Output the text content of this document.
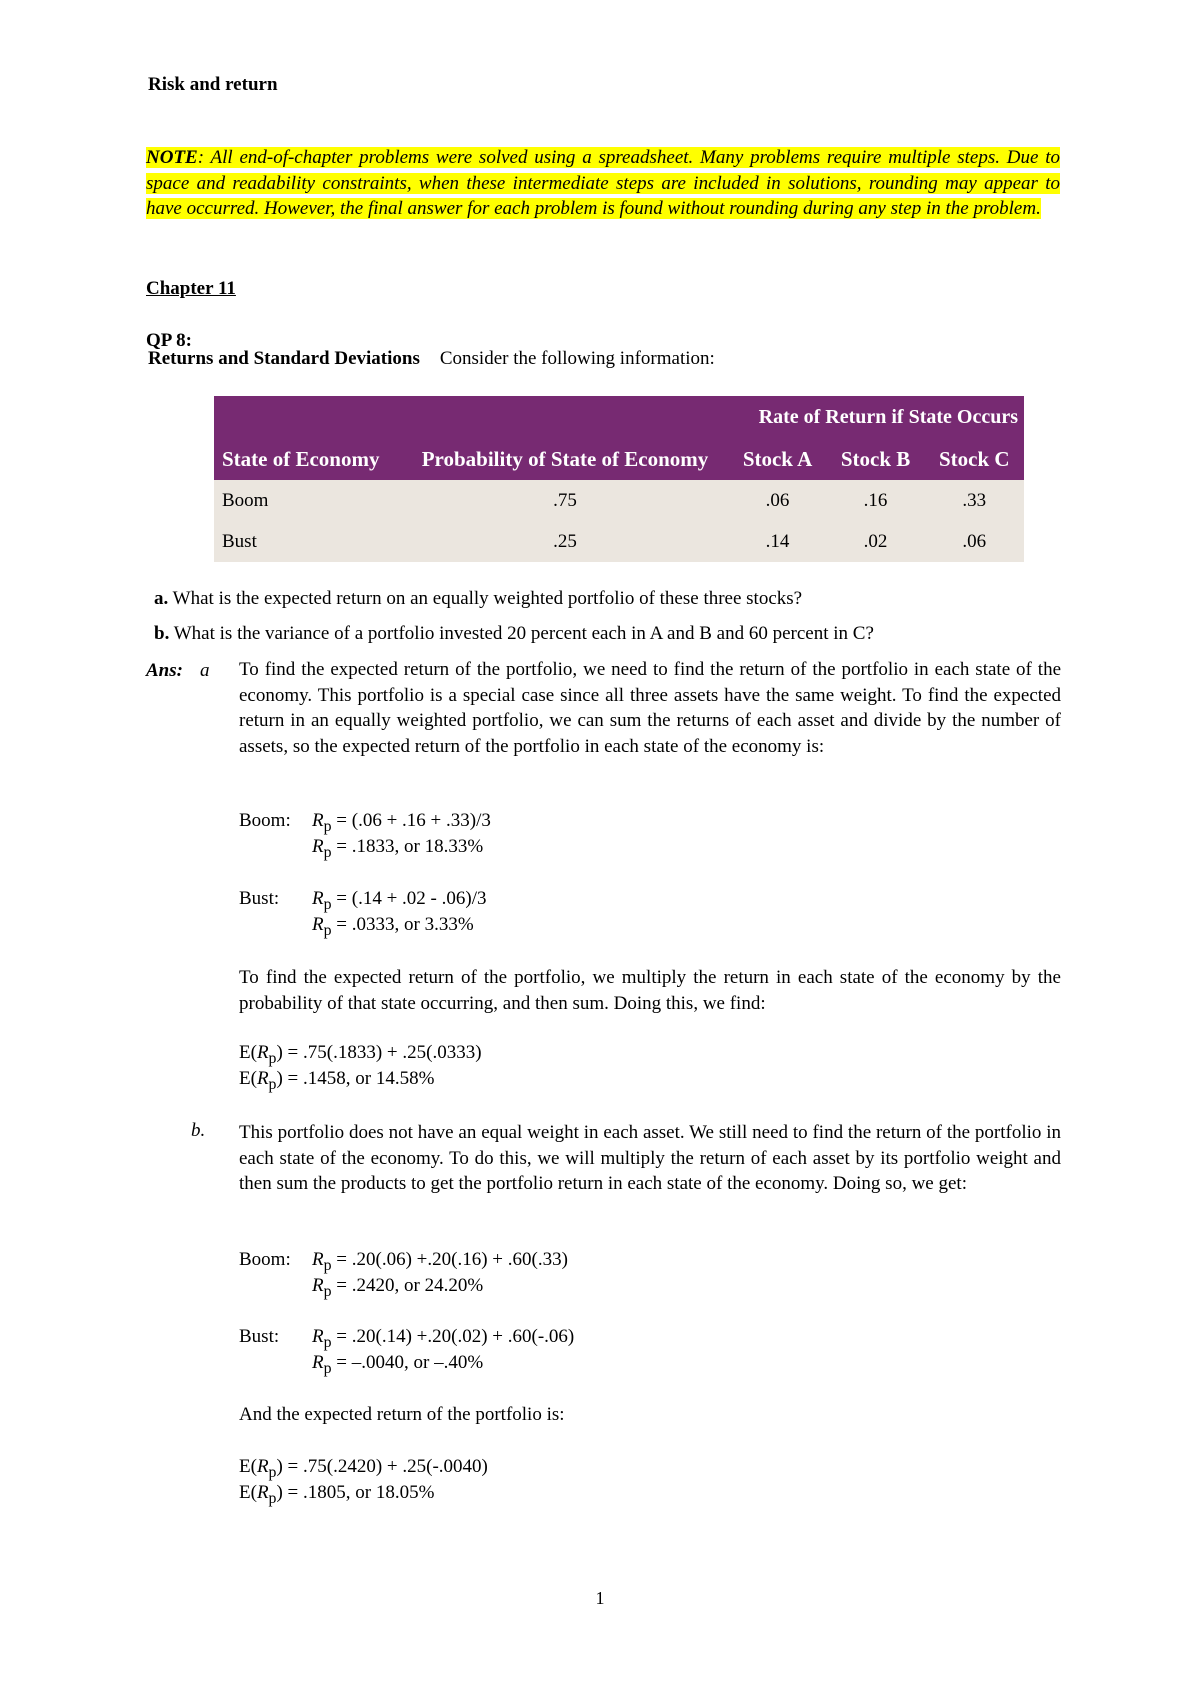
Risk and return
NOTE: All end-of-chapter problems were solved using a spreadsheet. Many problems require multiple steps. Due to space and readability constraints, when these intermediate steps are included in solutions, rounding may appear to have occurred. However, the final answer for each problem is found without rounding during any step in the problem.
Chapter 11
QP 8:
Returns and Standard Deviations Consider the following information:
		Rate of Return if State Occurs		
State of Economy	Probability of State of Economy	Stock A	Stock B	Stock C
Boom	.75	.06	.16	.33
Bust	.25	.14	.02	.06
a. What is the expected return on an equally weighted portfolio of these three stocks?
b. What is the variance of a portfolio invested 20 percent each in A and B and 60 percent in C?
Ans: a To find the expected return of the portfolio, we need to find the return of the portfolio in each state of the economy. This portfolio is a special case since all three assets have the same weight. To find the expected return in an equally weighted portfolio, we can sum the returns of each asset and divide by the number of assets, so the expected return of the portfolio in each state of the economy is:
Boom: $R_p = (.06 + .16 + .33)/3$
$R_p = .1833$, or 18.33%
Bust: $R_p = (.14 + .02 - .06)/3$
$R_p = .0333$, or 3.33%
To find the expected return of the portfolio, we multiply the return in each state of the economy by the probability of that state occurring, and then sum. Doing this, we find:
$E(R_p) = .75(.1833) + .25(.0333)$
$E(R_p) = .1458$, or 14.58%
b. This portfolio does not have an equal weight in each asset. We still need to find the return of the portfolio in each state of the economy. To do this, we will multiply the return of each asset by its portfolio weight and then sum the products to get the portfolio return in each state of the economy. Doing so, we get:
Boom: $R_p = .20(.06) +.20(.16) + .60(.33)$
$R_p = .2420$, or 24.20%
Bust: $R_p = .20(.14) +.20(.02) + .60(-.06)$
$R_p = -.0040$, or –.40%
And the expected return of the portfolio is:
$E(R_p) = .75(.2420) + .25(-.0040)$
$E(R_p) = .1805$, or 18.05%
1
